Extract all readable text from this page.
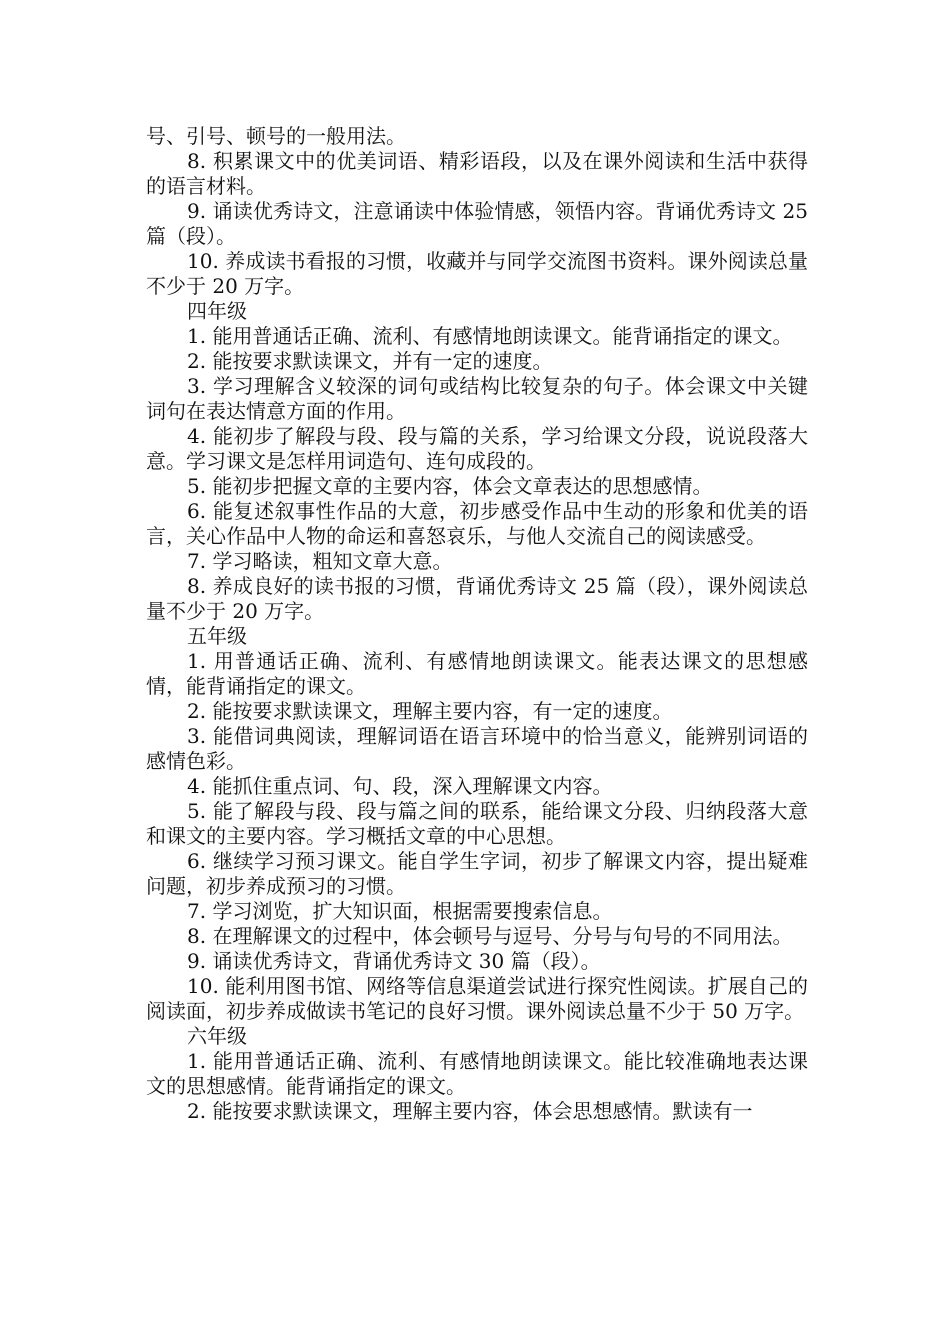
号、引号、顿号的一般用法。

8. 积累课文中的优美词语、精彩语段，以及在课外阅读和生活中获得的语言材料。

9. 诵读优秀诗文，注意诵读中体验情感，领悟内容。背诵优秀诗文 25 篇（段）。

10. 养成读书看报的习惯，收藏并与同学交流图书资料。课外阅读总量不少于 20 万字。

四年级

1. 能用普通话正确、流利、有感情地朗读课文。能背诵指定的课文。

2. 能按要求默读课文，并有一定的速度。

3. 学习理解含义较深的词句或结构比较复杂的句子。体会课文中关键词句在表达情意方面的作用。

4. 能初步了解段与段、段与篇的关系，学习给课文分段，说说段落大意。学习课文是怎样用词造句、连句成段的。

5. 能初步把握文章的主要内容，体会文章表达的思想感情。

6. 能复述叙事性作品的大意，初步感受作品中生动的形象和优美的语言，关心作品中人物的命运和喜怒哀乐，与他人交流自己的阅读感受。

7. 学习略读，粗知文章大意。

8. 养成良好的读书报的习惯，背诵优秀诗文 25 篇（段），课外阅读总量不少于 20 万字。

五年级

1. 用普通话正确、流利、有感情地朗读课文。能表达课文的思想感情，能背诵指定的课文。

2. 能按要求默读课文，理解主要内容，有一定的速度。

3. 能借词典阅读，理解词语在语言环境中的恰当意义，能辨别词语的感情色彩。

4. 能抓住重点词、句、段，深入理解课文内容。

5. 能了解段与段、段与篇之间的联系，能给课文分段、归纳段落大意和课文的主要内容。学习概括文章的中心思想。

6. 继续学习预习课文。能自学生字词，初步了解课文内容，提出疑难问题，初步养成预习的习惯。

7. 学习浏览，扩大知识面，根据需要搜索信息。

8. 在理解课文的过程中，体会顿号与逗号、分号与句号的不同用法。

9. 诵读优秀诗文，背诵优秀诗文 30 篇（段）。

10. 能利用图书馆、网络等信息渠道尝试进行探究性阅读。扩展自己的阅读面，初步养成做读书笔记的良好习惯。课外阅读总量不少于 50 万字。

六年级

1. 能用普通话正确、流利、有感情地朗读课文。能比较准确地表达课文的思想感情。能背诵指定的课文。

2. 能按要求默读课文，理解主要内容，体会思想感情。默读有一
